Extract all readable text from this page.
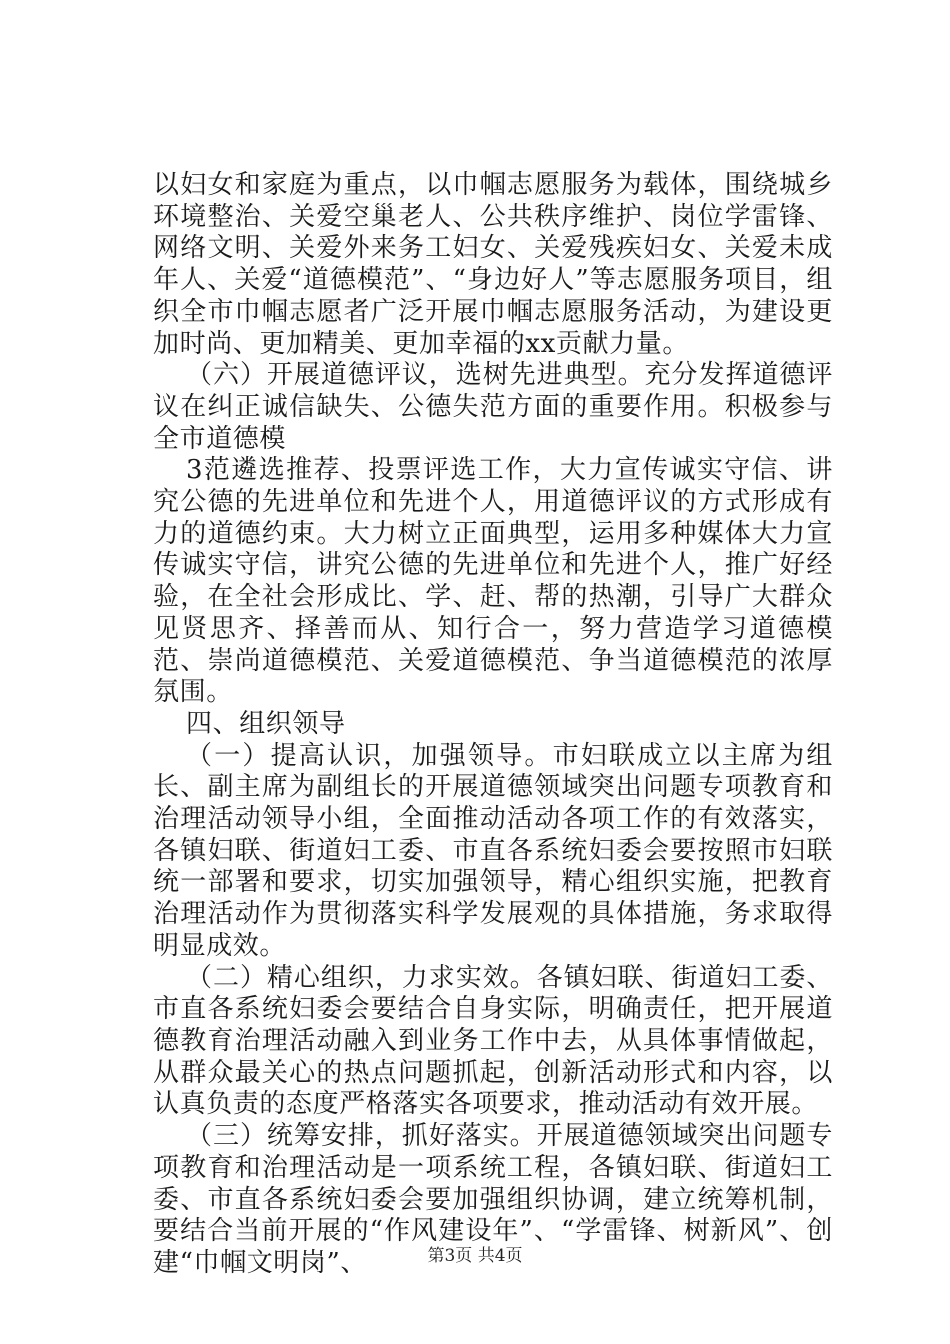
以妇女和家庭为重点，以巾帼志愿服务为载体，围绕城乡环境整治、关爱空巢老人、公共秩序维护、岗位学雷锋、网络文明、关爱外来务工妇女、关爱残疾妇女、关爱未成年人、关爱“道德模范”、“身边好人”等志愿服务项目，组织全市巾帼志愿者广泛开展巾帼志愿服务活动，为建设更加时尚、更加精美、更加幸福的xx贡献力量。

（六）开展道德评议，选树先进典型。充分发挥道德评议在纠正诚信缺失、公德失范方面的重要作用。积极参与全市道德模

3范遴选推荐、投票评选工作，大力宣传诚实守信、讲究公德的先进单位和先进个人，用道德评议的方式形成有力的道德约束。大力树立正面典型，运用多种媒体大力宣传诚实守信，讲究公德的先进单位和先进个人，推广好经验，在全社会形成比、学、赶、帮的热潮，引导广大群众见贤思齐、择善而从、知行合一，努力营造学习道德模范、崇尚道德模范、关爱道德模范、争当道德模范的浓厚氛围。

四、组织领导

（一）提高认识，加强领导。市妇联成立以主席为组长、副主席为副组长的开展道德领域突出问题专项教育和治理活动领导小组，全面推动活动各项工作的有效落实，各镇妇联、街道妇工委、市直各系统妇委会要按照市妇联统一部署和要求，切实加强领导，精心组织实施，把教育治理活动作为贯彻落实科学发展观的具体措施，务求取得明显成效。

（二）精心组织，力求实效。各镇妇联、街道妇工委、市直各系统妇委会要结合自身实际，明确责任，把开展道德教育治理活动融入到业务工作中去，从具体事情做起，从群众最关心的热点问题抓起，创新活动形式和内容，以认真负责的态度严格落实各项要求，推动活动有效开展。

（三）统筹安排，抓好落实。开展道德领域突出问题专项教育和治理活动是一项系统工程，各镇妇联、街道妇工委、市直各系统妇委会要加强组织协调，建立统筹机制，要结合当前开展的“作风建设年”、“学雷锋、树新风”、创建“巾帼文明岗”、	第3页 共4页
